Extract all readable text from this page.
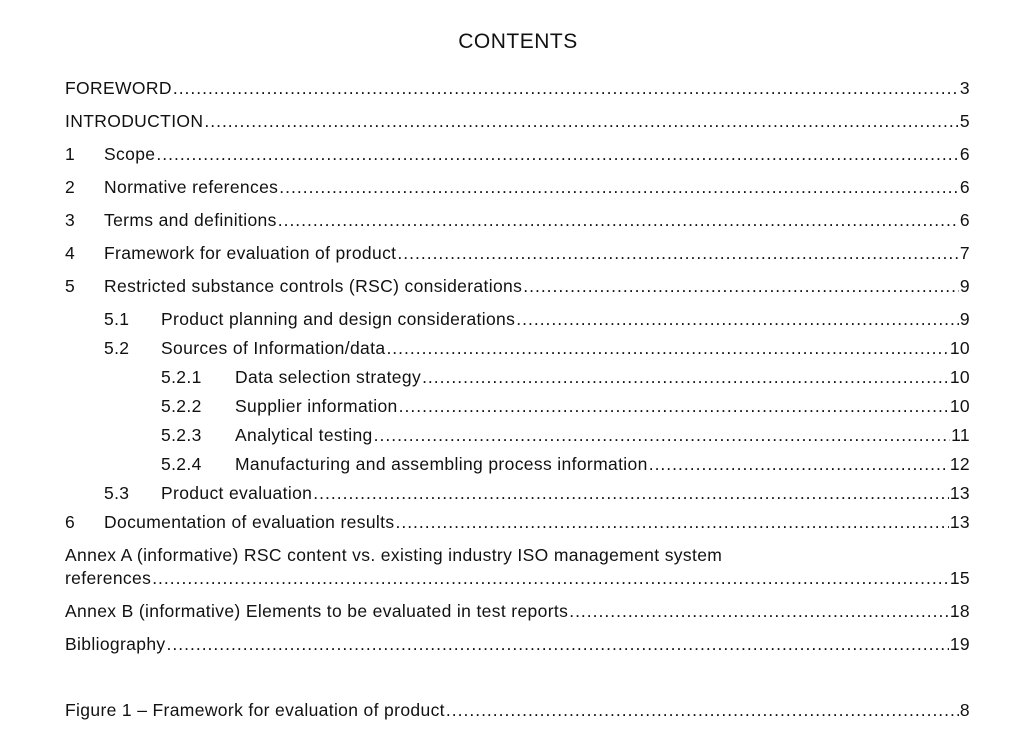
CONTENTS
FOREWORD .....	3
INTRODUCTION .....	5
1	Scope .....	6
2	Normative references .....	6
3	Terms and definitions .....	6
4	Framework for evaluation of product .....	7
5	Restricted substance controls (RSC) considerations .....	9
5.1	Product planning and design considerations .....	9
5.2	Sources of Information/data .....	10
5.2.1	Data selection strategy .....	10
5.2.2	Supplier information .....	10
5.2.3	Analytical testing .....	11
5.2.4	Manufacturing and assembling process information .....	12
5.3	Product evaluation .....	13
6	Documentation of evaluation results .....	13
Annex A (informative) RSC content vs. existing industry ISO management system
references .....	15
Annex B (informative) Elements to be evaluated in test reports .....	18
Bibliography .....	19
Figure 1 – Framework for evaluation of product .....	8
